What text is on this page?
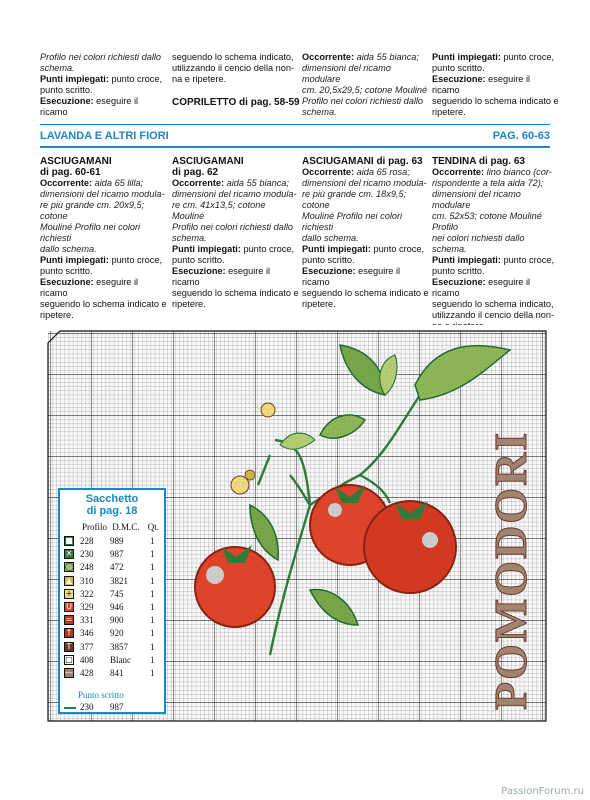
Profilo nei colori richiesti dallo

schema.

Punti impiegati: punto croce,

punto scritto.

Esecuzione: eseguire il ricamo

seguendo lo schema indicato,

utilizzando il cencio della non-

na e ripetere.

COPRILETTO di pag. 58-59

Occorrente: aida 55 bianca;

dimensioni del ricamo modulare

cm. 20,5x29,5; cotone Mouliné

Profilo nei colori richiesti dallo

schema.

Punti impiegati: punto croce,

punto scritto.

Esecuzione: eseguire il ricamo

seguendo lo schema indicato e

ripetere.

LAVANDA E ALTRI FIORI	PAG. 60-63

ASCIUGAMANI

di pag. 60-61

Occorrente: aida 65 lilla;

dimensioni del ricamo modula-

re più grande cm. 20x9,5; cotone

Mouliné Profilo nei colori richiesti

dallo schema.

Punti impiegati: punto croce,

punto scritto.

Esecuzione: eseguire il ricamo

seguendo lo schema indicato e

ripetere.

ASCIUGAMANI

di pag. 62

Occorrente: aida 55 bianca;

dimensioni del ricamo modula-

re cm. 41x13,5; cotone Mouliné

Profilo nei colori richiesti dallo

schema.

Punti impiegati: punto croce,

punto scritto.

Esecuzione: eseguire il ricamo

seguendo lo schema indicato e

ripetere.

ASCIUGAMANI di pag. 63

Occorrente: aida 65 rosa;

dimensioni del ricamo modula-

re più grande cm. 18x9,5; cotone

Mouliné Profilo nei colori richiesti

dallo schema.

Punti impiegati: punto croce,

punto scritto.

Esecuzione: eseguire il ricamo

seguendo lo schema indicato e

ripetere.

TENDINA di pag. 63

Occorrente: lino bianco (cor-

rispondente a tela aida 72);

dimensioni del ricamo modulare

cm. 52x53; cotone Mouliné Profilo

nei colori richiesti dallo schema.

Punti impiegati: punto croce,

punto scritto.

Esecuzione: eseguire il ricamo

seguendo lo schema indicato,

utilizzando il cencio della non-

POMODORI
Sacchetto
di pag. 18
Profilo D.M.C. Qt.
■ 228 989	1
✕ 230 987	1
◯ 248 472	1
▲ 310 3821 1
+ 322 745	1
U 329 946	1
= 331 900	1
↑ 346 920	1
T 377 3857 1
□ 408 Blanc 1
— 428 841	1
Punto scritto
230 987
PassionForum.ru
